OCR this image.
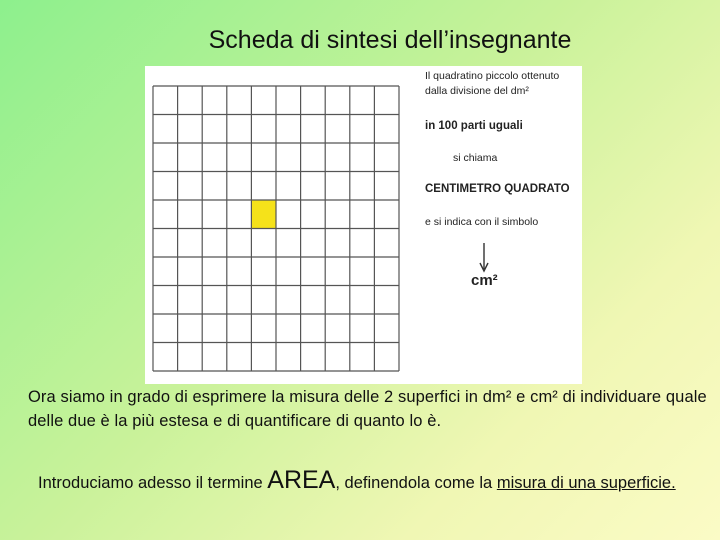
Scheda di sintesi dell’insegnante
Il quadratino piccolo ottenuto
dalla divisione del dm²
in 100 parti uguali
si chiama
CENTIMETRO QUADRATO
e si indica con il simbolo
cm²
Ora siamo in grado di esprimere la misura delle 2 superfici in dm² e cm² di individuare quale delle due è la più estesa e di quantificare di quanto lo è.
Introduciamo adesso il termine AREA, definendola come la misura di una superficie.
